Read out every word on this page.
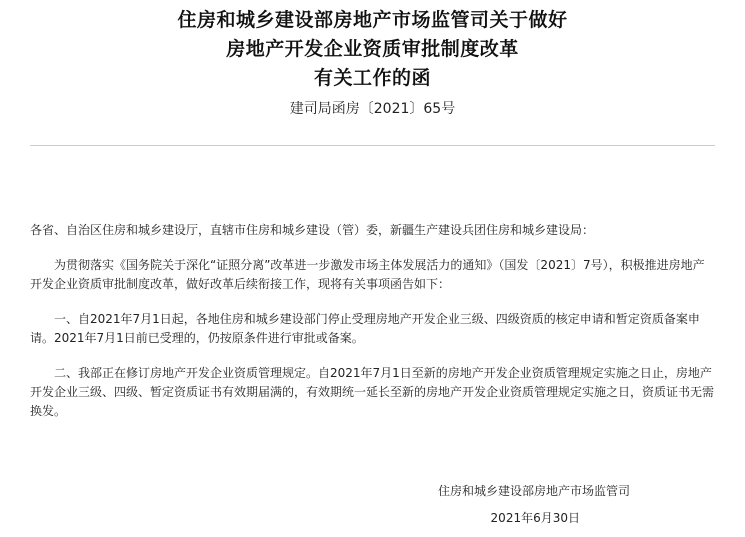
住房和城乡建设部房地产市场监管司关于做好
房地产开发企业资质审批制度改革
有关工作的函
建司局函房〔2021〕65号

各省、自治区住房和城乡建设厅，直辖市住房和城乡建设（管）委，新疆生产建设兵团住房和城乡建设局：

为贯彻落实《国务院关于深化“证照分离”改革进一步激发市场主体发展活力的通知》（国发〔2021〕7号），积极推进房地产开发企业资质审批制度改革，做好改革后续衔接工作，现将有关事项函告如下：

一、自2021年7月1日起，各地住房和城乡建设部门停止受理房地产开发企业三级、四级资质的核定申请和暂定资质备案申请。2021年7月1日前已受理的，仍按原条件进行审批或备案。

二、我部正在修订房地产开发企业资质管理规定。自2021年7月1日至新的房地产开发企业资质管理规定实施之日止，房地产开发企业三级、四级、暂定资质证书有效期届满的，有效期统一延长至新的房地产开发企业资质管理规定实施之日，资质证书无需换发。

住房和城乡建设部房地产市场监管司
2021年6月30日
